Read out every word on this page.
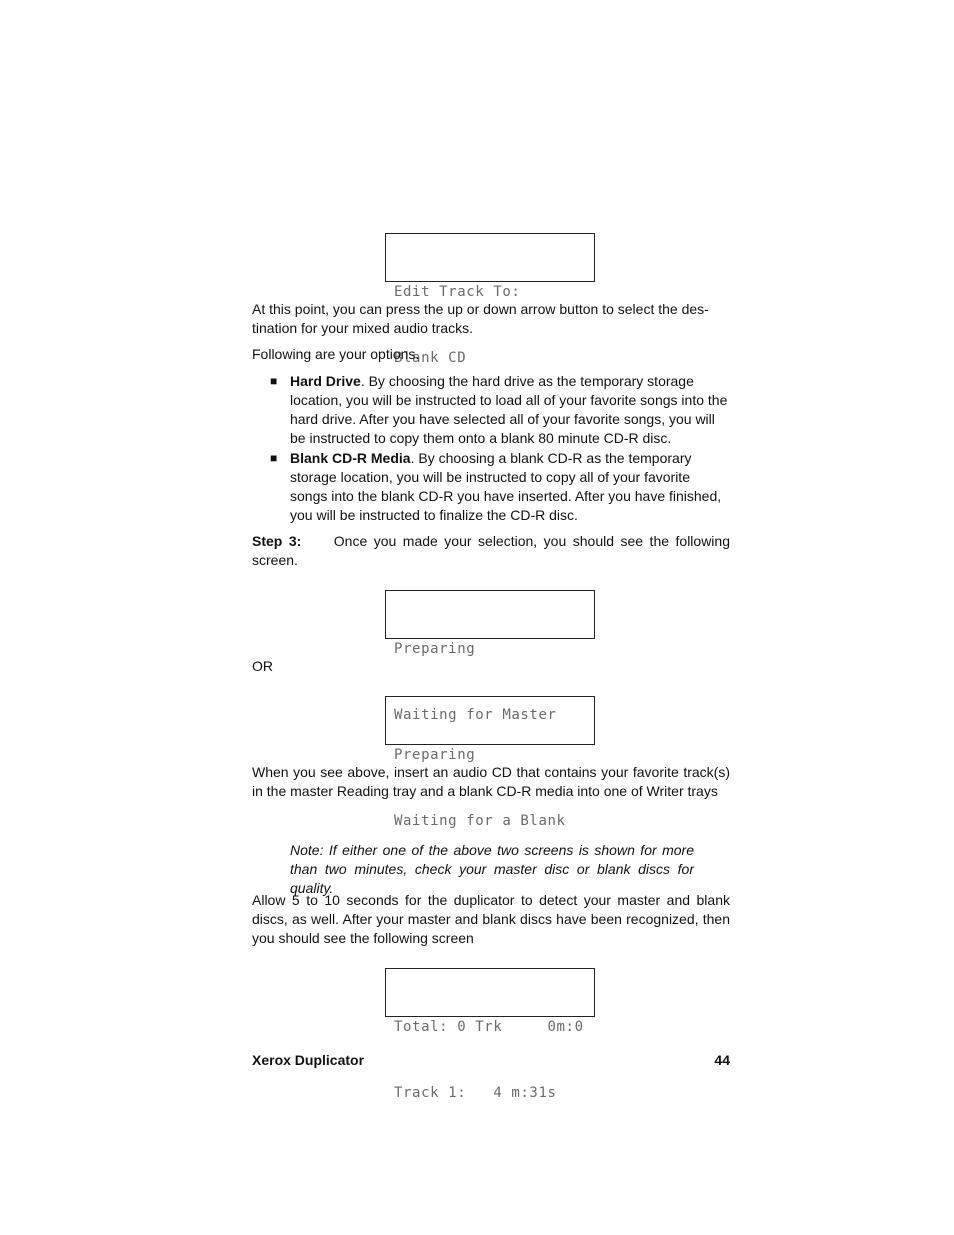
Edit Track To:

Blank CD

At this point, you can press the up or down arrow button to select the des-
tination for your mixed audio tracks.

Following are your options.

■ Hard Drive. By choosing the hard drive as the temporary storage location, you will be instructed to load all of your favorite songs into the hard drive. After you have selected all of your favorite songs, you will be instructed to copy them onto a blank 80 minute CD-R disc.
■ Blank CD-R Media. By choosing a blank CD-R as the temporary storage location, you will be instructed to copy all of your favorite songs into the blank CD-R you have inserted. After you have finished, you will be instructed to finalize the CD-R disc.
Step 3: Once you made your selection, you should see the following screen.

Preparing

Waiting for Master

OR

Preparing

Waiting for a Blank

When you see above, insert an audio CD that contains your favorite track(s) in the master Reading tray and a blank CD-R media into one of Writer trays

Note: If either one of the above two screens is shown for more than two minutes, check your master disc or blank discs for quality.

Allow 5 to 10 seconds for the duplicator to detect your master and blank discs, as well. After your master and blank discs have been recognized, then you should see the following screen

Total: 0 Trk     0m:0

Track 1:   4 m:31s

Xerox Duplicator	44
